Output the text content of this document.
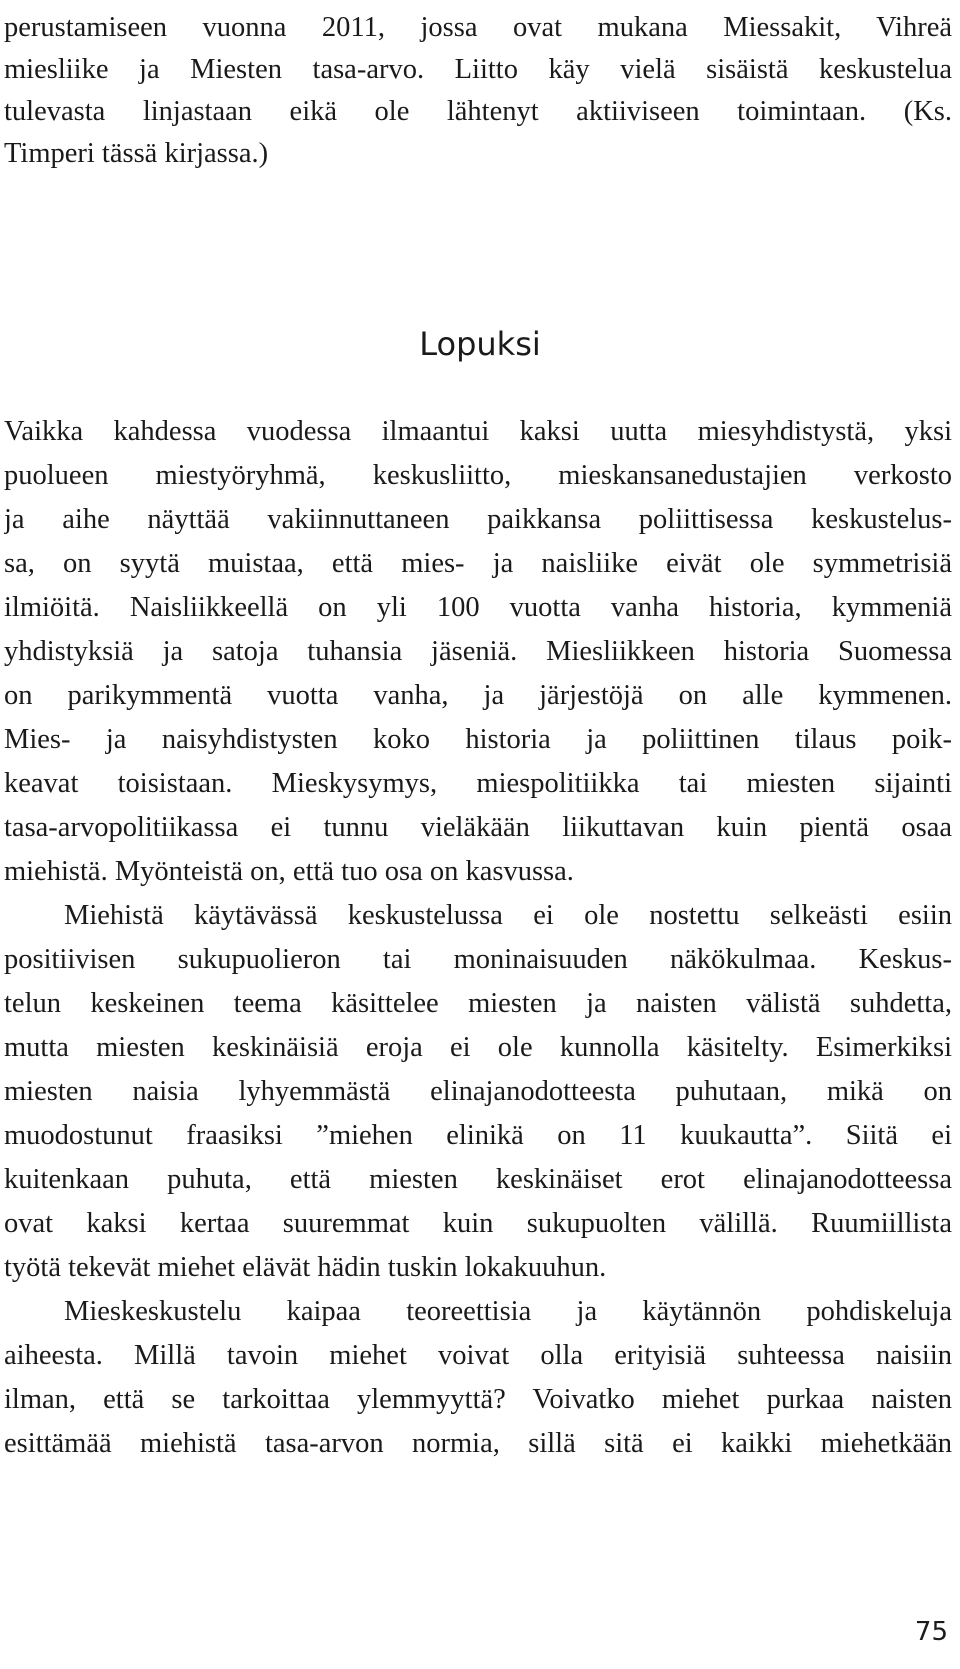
perustamiseen vuonna 2011, jossa ovat mukana Miessakit, Vihreä
miesliike ja Miesten tasa-arvo. Liitto käy vielä sisäistä keskustelua
tulevasta linjastaan eikä ole lähtenyt aktiiviseen toimintaan. (Ks.
Timperi tässä kirjassa.)
Lopuksi
Vaikka kahdessa vuodessa ilmaantui kaksi uutta miesyhdistystä, yksi
puolueen miestyöryhmä, keskusliitto, mieskansanedustajien verkosto
ja aihe näyttää vakiinnuttaneen paikkansa poliittisessa keskustelus-
sa, on syytä muistaa, että mies- ja naisliike eivät ole symmetrisiä
ilmiöitä. Naisliikkeellä on yli 100 vuotta vanha historia, kymmeniä
yhdistyksiä ja satoja tuhansia jäseniä. Miesliikkeen historia Suomessa
on parikymmentä vuotta vanha, ja järjestöjä on alle kymmenen.
Mies- ja naisyhdistysten koko historia ja poliittinen tilaus poik-
keavat toisistaan. Mieskysymys, miespolitiikka tai miesten sijainti
tasa-arvopolitiikassa ei tunnu vieläkään liikuttavan kuin pientä osaa
miehistä. Myönteistä on, että tuo osa on kasvussa.
Miehistä käytävässä keskustelussa ei ole nostettu selkeästi esiin
positiivisen sukupuolieron tai moninaisuuden näkökulmaa. Keskus-
telun keskeinen teema käsittelee miesten ja naisten välistä suhdetta,
mutta miesten keskinäisiä eroja ei ole kunnolla käsitelty. Esimerkiksi
miesten naisia lyhyemmästä elinajanodotteesta puhutaan, mikä on
muodostunut fraasiksi ”miehen elinikä on 11 kuukautta”. Siitä ei
kuitenkaan puhuta, että miesten keskinäiset erot elinajanodotteessa
ovat kaksi kertaa suuremmat kuin sukupuolten välillä. Ruumiillista
työtä tekevät miehet elävät hädin tuskin lokakuuhun.
Mieskeskustelu kaipaa teoreettisia ja käytännön pohdiskeluja
aiheesta. Millä tavoin miehet voivat olla erityisiä suhteessa naisiin
ilman, että se tarkoittaa ylemmyyttä? Voivatko miehet purkaa naisten
esittämää miehistä tasa-arvon normia, sillä sitä ei kaikki miehetkään
75
